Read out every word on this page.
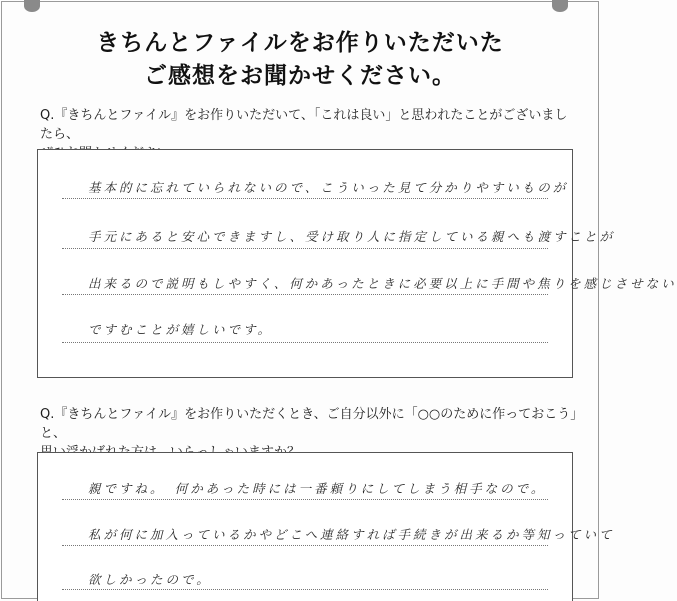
きちんとファイルをお作りいただいた
ご感想をお聞かせください。
Q.『きちんとファイル』をお作りいただいて、「これは良い」と思われたことがございましたら、
基本的に忘れていられないので、こういった見て分かりやすいものが
手元にあると安心できますし、受け取り人に指定している親へも渡すことが
出来るので説明もしやすく、何かあったときに必要以上に手間や焦りを感じさせない
ですむことが嬉しいです。
Q.『きちんとファイル』をお作りいただくとき、ご自分以外に「○○のために作っておこう」と、
親ですね。　何かあった時には一番頼りにしてしまう相手なので。
私が何に加入っているかやどこへ連絡すれば手続きが出来るか等知っていて
欲しかったので。
